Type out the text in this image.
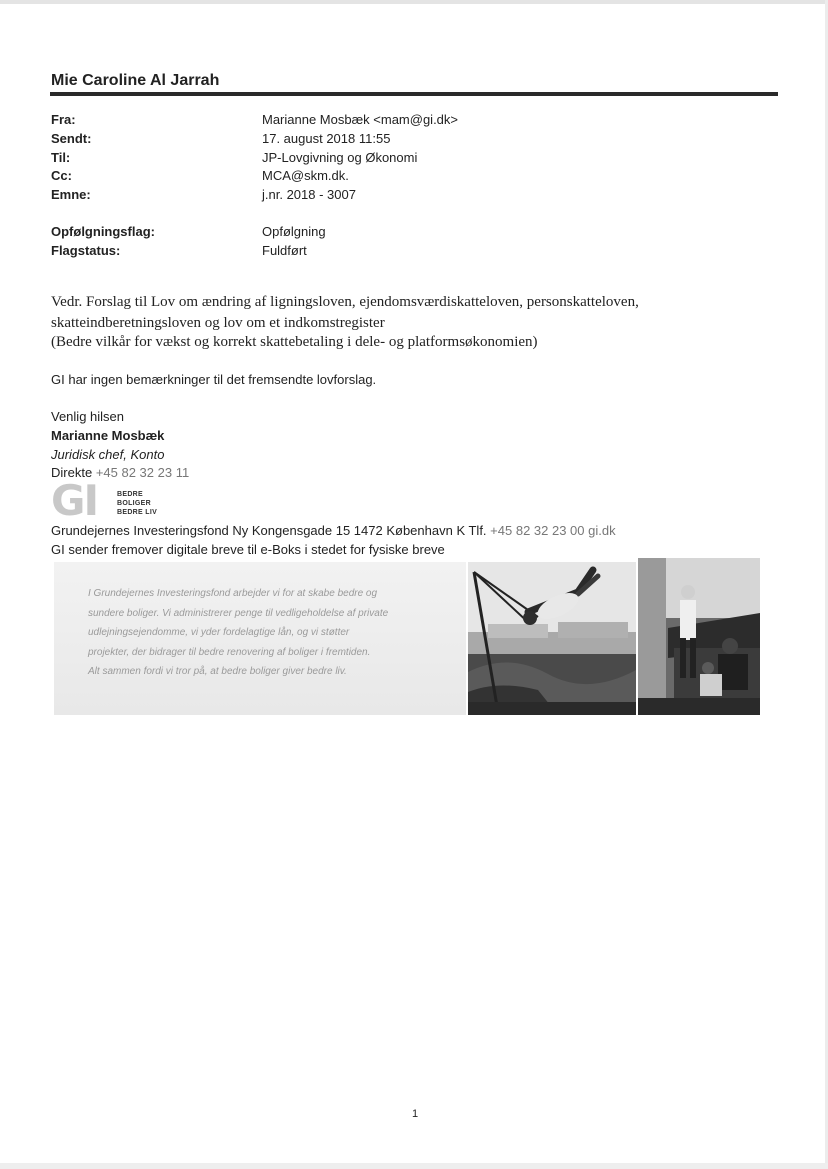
Mie Caroline Al Jarrah
Fra:	Marianne Mosbæk <mam@gi.dk>
Sendt:	17. august 2018 11:55
Til:	JP-Lovgivning og Økonomi
Cc:	MCA@skm.dk.
Emne:	j.nr. 2018 - 3007
Opfølgningsflag:	Opfølgning
Flagstatus:	Fuldført
Vedr. Forslag til Lov om ændring af ligningsloven, ejendomsværdiskatteloven, personskatteloven,
skatteindberetningsloven og lov om et indkomstregister
(Bedre vilkår for vækst og korrekt skattebetaling i dele- og platformsøkonomien)
GI har ingen bemærkninger til det fremsendte lovforslag.
Venlig hilsen
Marianne Mosbæk
Juridisk chef, Konto
Direkte +45 82 32 23 11
GI	BEDRE
BOLIGER
BEDRE LIV
Grundejernes Investeringsfond Ny Kongensgade 15 1472 København K Tlf. +45 82 32 23 00 gi.dk
GI sender fremover digitale breve til e-Boks i stedet for fysiske breve
I Grundejernes Investeringsfond arbejder vi for at skabe bedre og
sundere boliger. Vi administrerer penge til vedligeholdelse af private
udlejningsejendomme, vi yder fordelagtige lån, og vi støtter
projekter, der bidrager til bedre renovering af boliger i fremtiden.
Alt sammen fordi vi tror på, at bedre boliger giver bedre liv.
1
